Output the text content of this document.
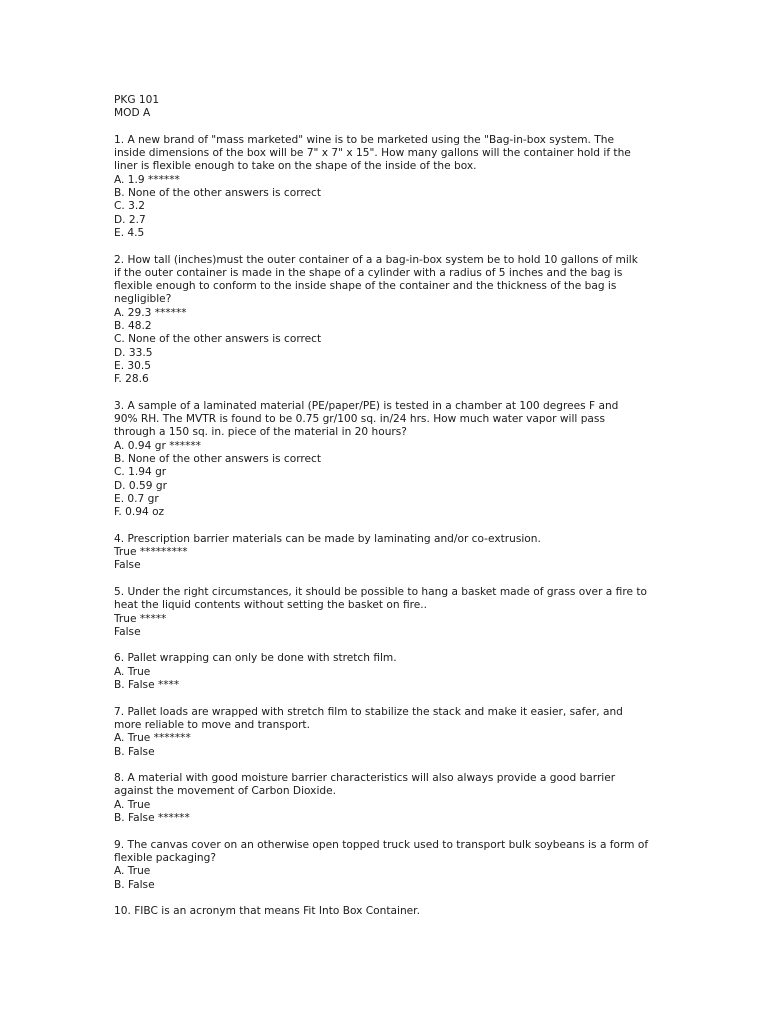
PKG 101
MOD A
1. A new brand of "mass marketed" wine is to be marketed using the "Bag-in-box system. The
inside dimensions of the box will be 7" x 7" x 15". How many gallons will the container hold if the
liner is flexible enough to take on the shape of the inside of the box.
A. 1.9 ******
B. None of the other answers is correct
C. 3.2
D. 2.7
E. 4.5
2. How tall (inches)must the outer container of a a bag-in-box system be to hold 10 gallons of milk
if the outer container is made in the shape of a cylinder with a radius of 5 inches and the bag is
flexible enough to conform to the inside shape of the container and the thickness of the bag is
negligible?
A. 29.3 ******
B. 48.2
C. None of the other answers is correct
D. 33.5
E. 30.5
F. 28.6
3. A sample of a laminated material (PE/paper/PE) is tested in a chamber at 100 degrees F and
90% RH. The MVTR is found to be 0.75 gr/100 sq. in/24 hrs. How much water vapor will pass
through a 150 sq. in. piece of the material in 20 hours?
A. 0.94 gr ******
B. None of the other answers is correct
C. 1.94 gr
D. 0.59 gr
E. 0.7 gr
F. 0.94 oz
4. Prescription barrier materials can be made by laminating and/or co-extrusion.
True *********
False
5. Under the right circumstances, it should be possible to hang a basket made of grass over a fire to
heat the liquid contents without setting the basket on fire..
True *****
False
6. Pallet wrapping can only be done with stretch film.
A. True
B. False ****
7. Pallet loads are wrapped with stretch film to stabilize the stack and make it easier, safer, and
more reliable to move and transport.
A. True *******
B. False
8. A material with good moisture barrier characteristics will also always provide a good barrier
against the movement of Carbon Dioxide.
A. True
B. False ******
9. The canvas cover on an otherwise open topped truck used to transport bulk soybeans is a form of
flexible packaging?
A. True
B. False
10. FIBC is an acronym that means Fit Into Box Container.
